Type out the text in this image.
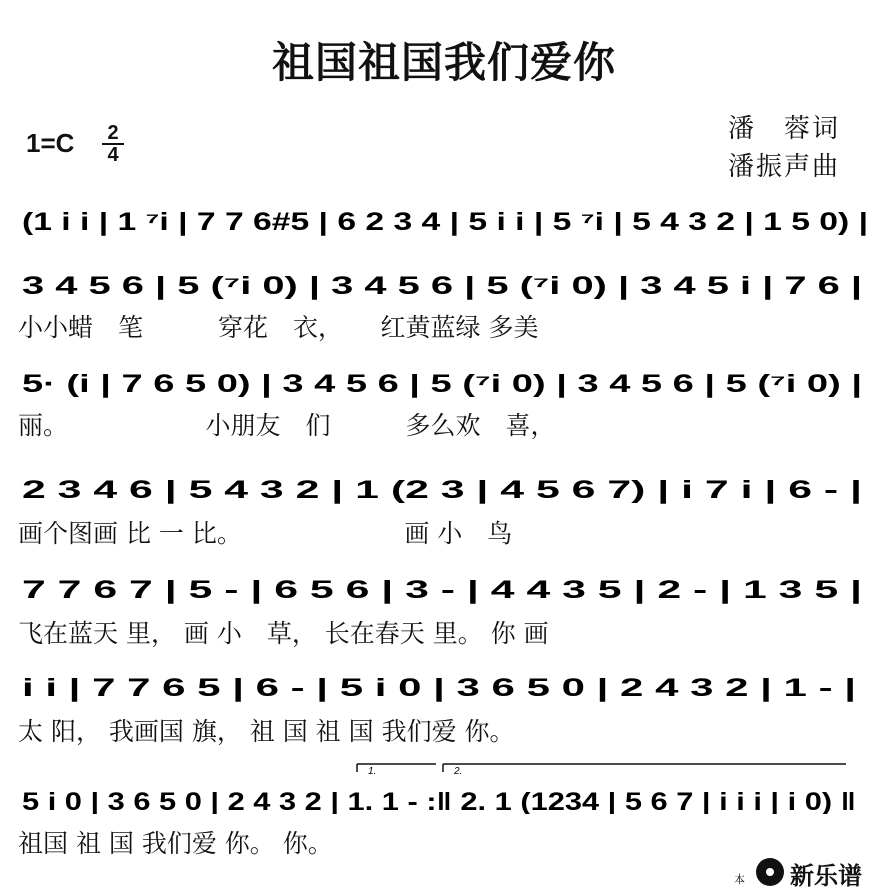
祖国祖国我们爱你
1=C 2
4
潘　蓉词
潘振声曲
(1 i i | 1 ⁷i | 7 7 6#5 | 6 2 3 4 | 5 i i | 5 ⁷i | 5 4 3 2 | 1 5 0) |
3 4 5 6 | 5 (⁷i 0) | 3 4 5 6 | 5 (⁷i 0) | 3 4 5 i | 7 6 |
小小蜡　笔　　　穿花　衣，　　红黄蓝绿 多美
5· (i | 7 6 5 0) | 3 4 5 6 | 5 (⁷i 0) | 3 4 5 6 | 5 (⁷i 0) |
丽。　　　　　　小朋友　们　　　多么欢　喜，
2 3 4 6 | 5 4 3 2 | 1 (2 3 | 4 5 6 7) | i 7 i | 6 - |
画个图画 比 一 比。　　　　　　　画 小　鸟
7 7 6 7 | 5 - | 6 5 6 | 3 - | 4 4 3 5 | 2 - | 1 3 5 |
飞在蓝天 里， 画 小　草， 长在春天 里。 你 画
i i | 7 7 6 5 | 6 - | 5 i 0 | 3 6 5 0 | 2 4 3 2 | 1 - |
太 阳， 我画国 旗， 祖 国 祖 国 我们爱 你。
1.	2.
5 i 0 | 3 6 5 0 | 2 4 3 2 | 1. 1 - :‖ 2. 1 (1234 | 5 6 7 | i i i | i 0) ‖
祖国 祖 国 我们爱 你。 你。
本 新乐谱
